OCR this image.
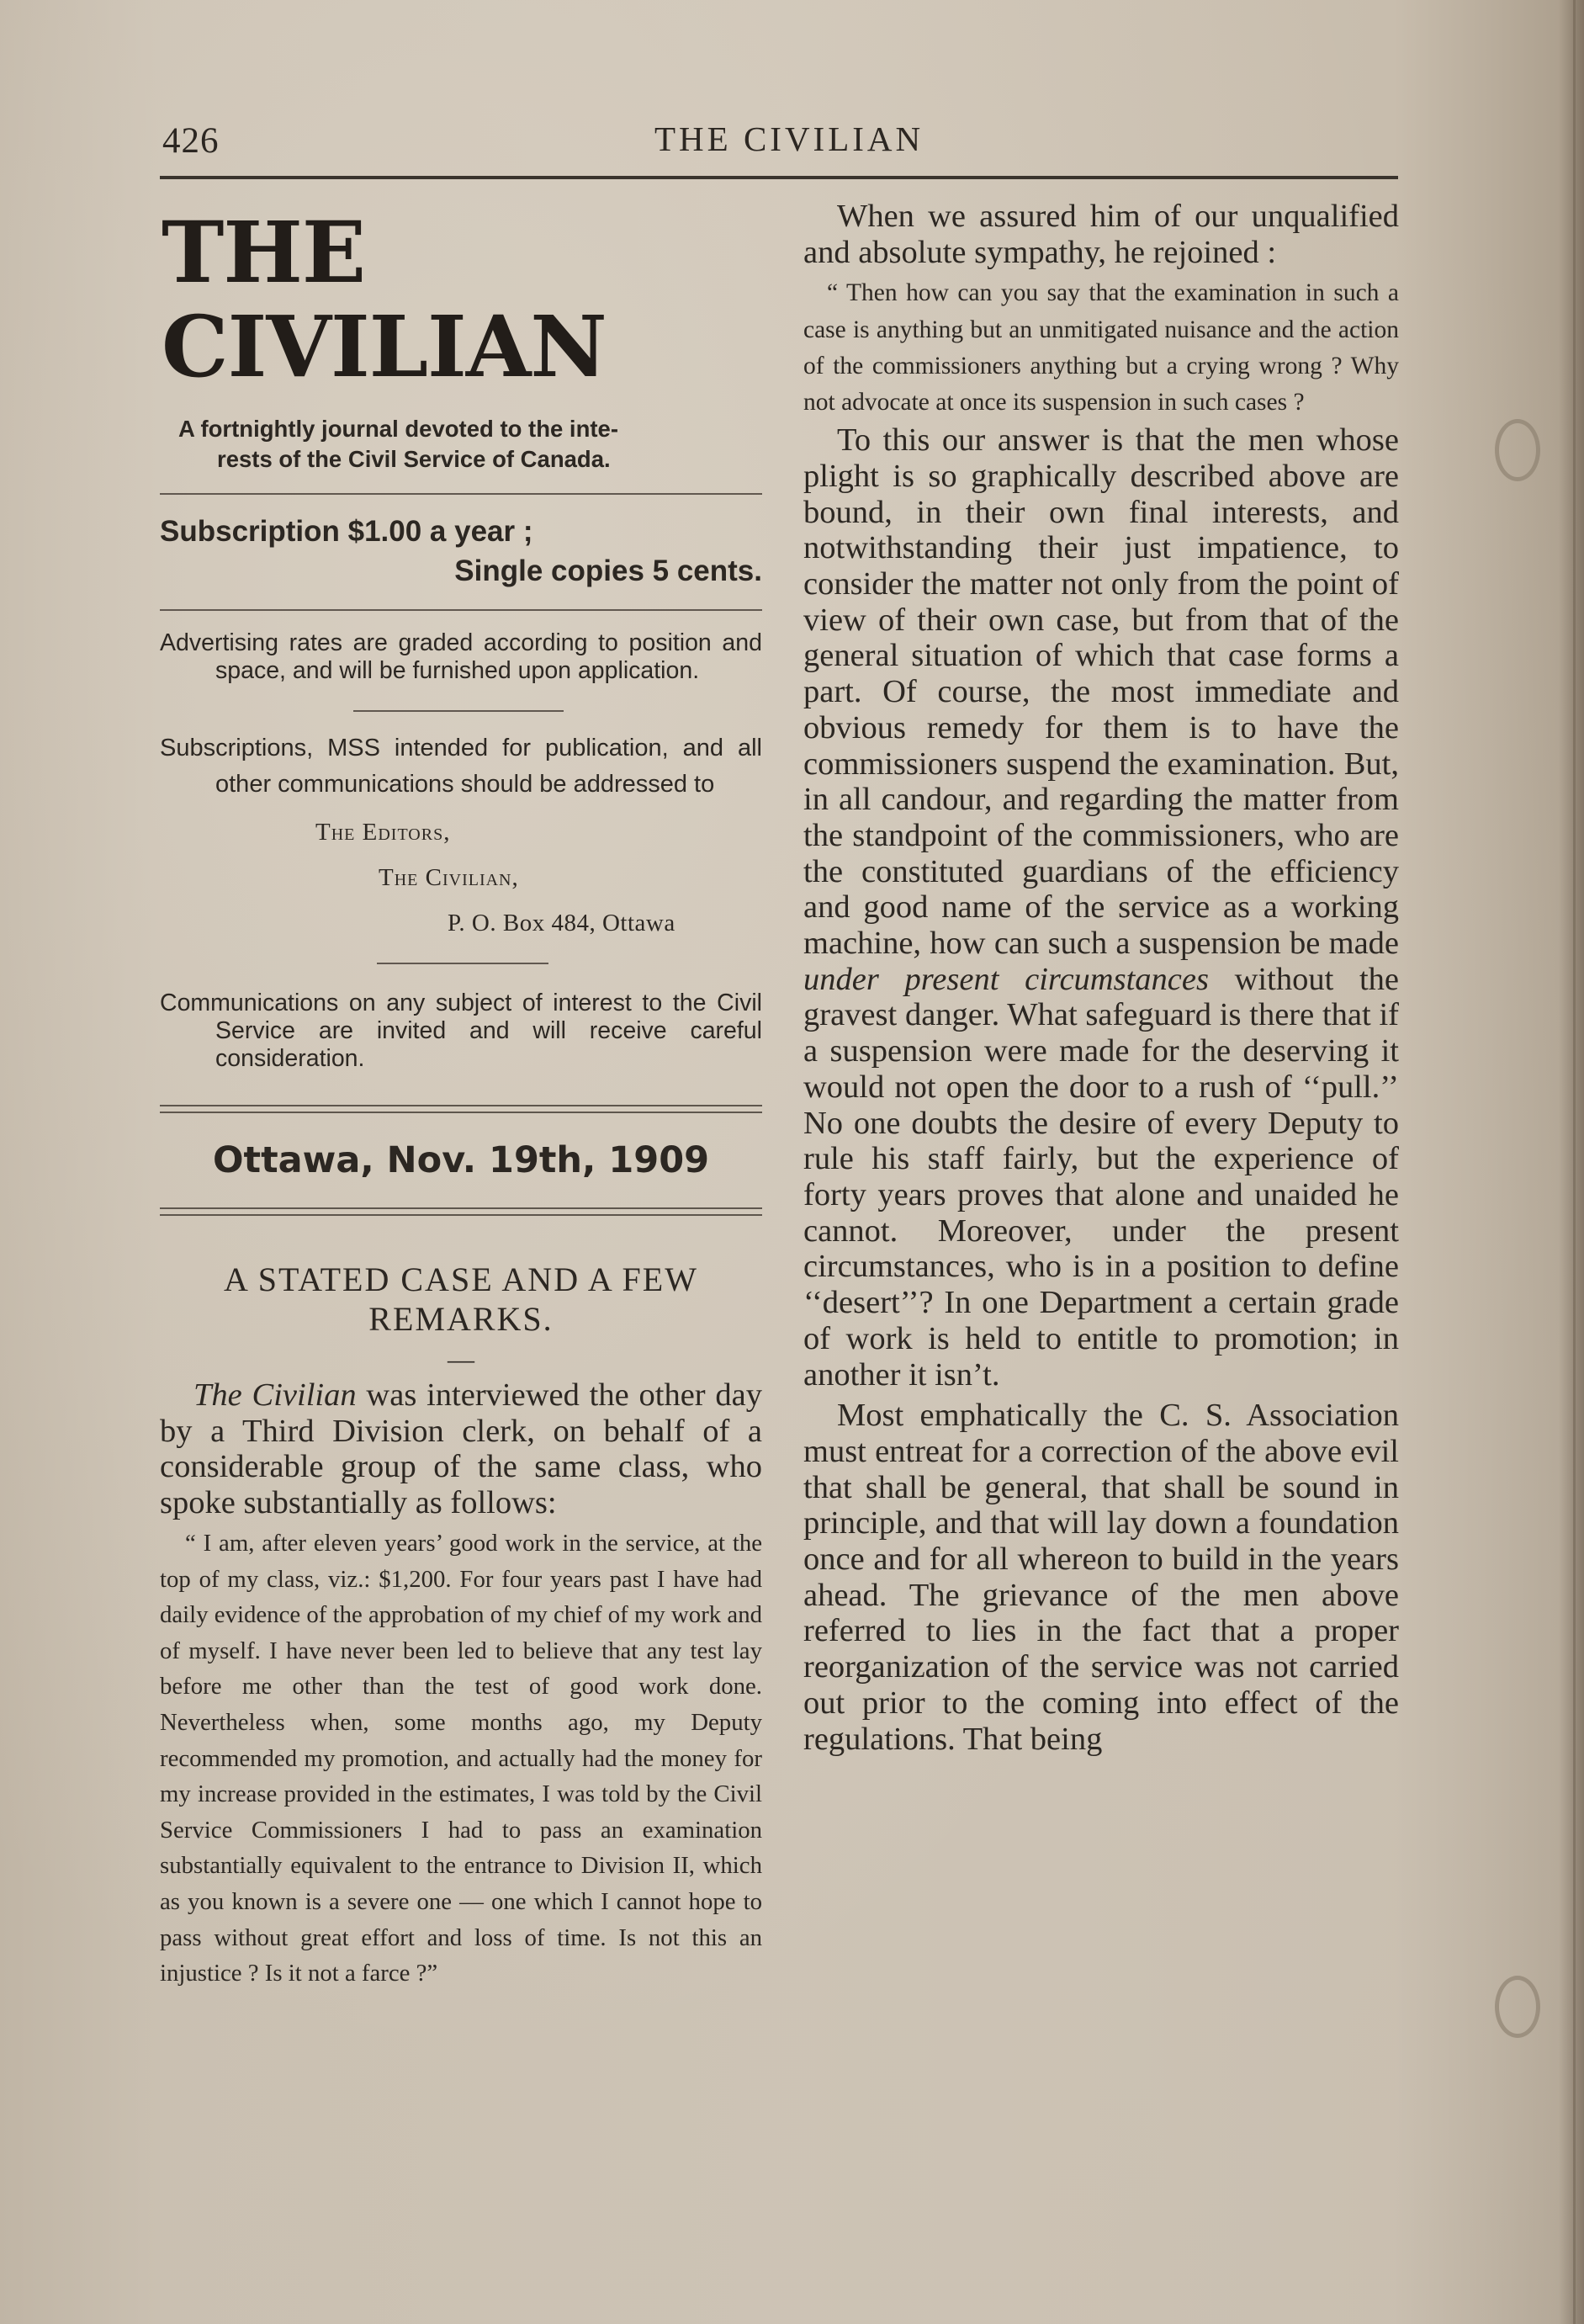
426	THE CIVILIAN
THE CIVILIAN
A fortnightly journal devoted to the inte-
rests of the Civil Service of Canada.
Subscription $1.00 a year ;
Single copies 5 cents.

Advertising rates are graded according to position and space, and will be furnished upon application.

Subscriptions, MSS intended for publication, and all other communications should be addressed to

The Editors,
The Civilian,
P. O. Box 484, Ottawa

Communications on any subject of interest to the Civil Service are invited and will receive careful consideration.

Ottawa, Nov. 19th, 1909
A STATED CASE AND A FEW REMARKS.
—

The Civilian was interviewed the other day by a Third Division clerk, on behalf of a considerable group of the same class, who spoke substantially as follows:

“ I am, after eleven years’ good work in the service, at the top of my class, viz.: $1,200. For four years past I have had daily evidence of the approbation of my chief of my work and of myself. I have never been led to believe that any test lay before me other than the test of good work done. Nevertheless when, some months ago, my Deputy recommended my promotion, and actually had the money for my increase provided in the estimates, I was told by the Civil Service Commissioners I had to pass an examination substantially equivalent to the entrance to Division II, which as you known is a severe one — one which I cannot hope to pass without great effort and loss of time. Is not this an injustice ? Is it not a farce ?”

When we assured him of our unqualified and absolute sympathy, he rejoined :

“ Then how can you say that the examination in such a case is anything but an unmitigated nuisance and the action of the commissioners anything but a crying wrong ? Why not advocate at once its suspension in such cases ?

To this our answer is that the men whose plight is so graphically described above are bound, in their own final interests, and notwithstanding their just impatience, to consider the matter not only from the point of view of their own case, but from that of the general situation of which that case forms a part. Of course, the most immediate and obvious remedy for them is to have the commissioners suspend the examination. But, in all candour, and regarding the matter from the standpoint of the commissioners, who are the constituted guardians of the efficiency and good name of the service as a working machine, how can such a suspension be made under present circumstances without the gravest danger. What safeguard is there that if a suspension were made for the deserving it would not open the door to a rush of ‘‘pull.’’ No one doubts the desire of every Deputy to rule his staff fairly, but the experience of forty years proves that alone and unaided he cannot. Moreover, under the present circumstances, who is in a position to define ‘‘desert’’? In one Department a certain grade of work is held to entitle to promotion; in another it isn’t.

Most emphatically the C. S. Association must entreat for a correction of the above evil that shall be general, that shall be sound in principle, and that will lay down a foundation once and for all whereon to build in the years ahead. The grievance of the men above referred to lies in the fact that a proper reorganization of the service was not carried out prior to the coming into effect of the regulations. That being
